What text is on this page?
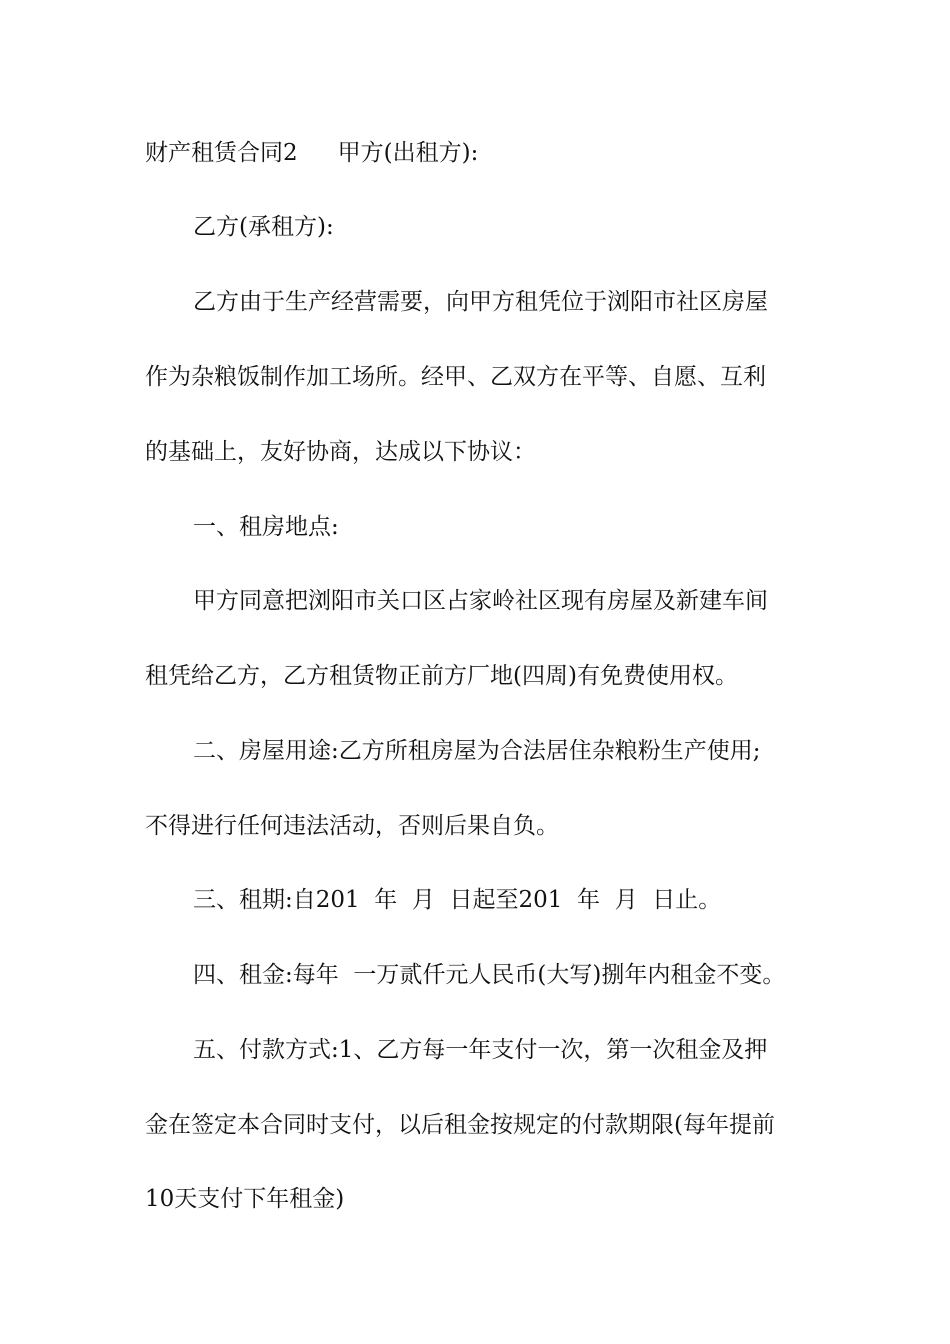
财产租赁合同2 甲方(出租方):
乙方(承租方):
乙方由于生产经营需要，向甲方租凭位于浏阳市社区房屋
作为杂粮饭制作加工场所。经甲、乙双方在平等、自愿、互利
的基础上，友好协商，达成以下协议：
一、租房地点:
甲方同意把浏阳市关口区占家岭社区现有房屋及新建车间
租凭给乙方，乙方租赁物正前方厂地(四周)有免费使用权。
二、房屋用途:乙方所租房屋为合法居住杂粮粉生产使用;
不得进行任何违法活动，否则后果自负。
三、租期:自201  年  月  日起至201  年  月  日止。
四、租金:每年  一万贰仟元人民币(大写)捌年内租金不变。
五、付款方式:1、乙方每一年支付一次，第一次租金及押
金在签定本合同时支付，以后租金按规定的付款期限(每年提前
10天支付下年租金)
